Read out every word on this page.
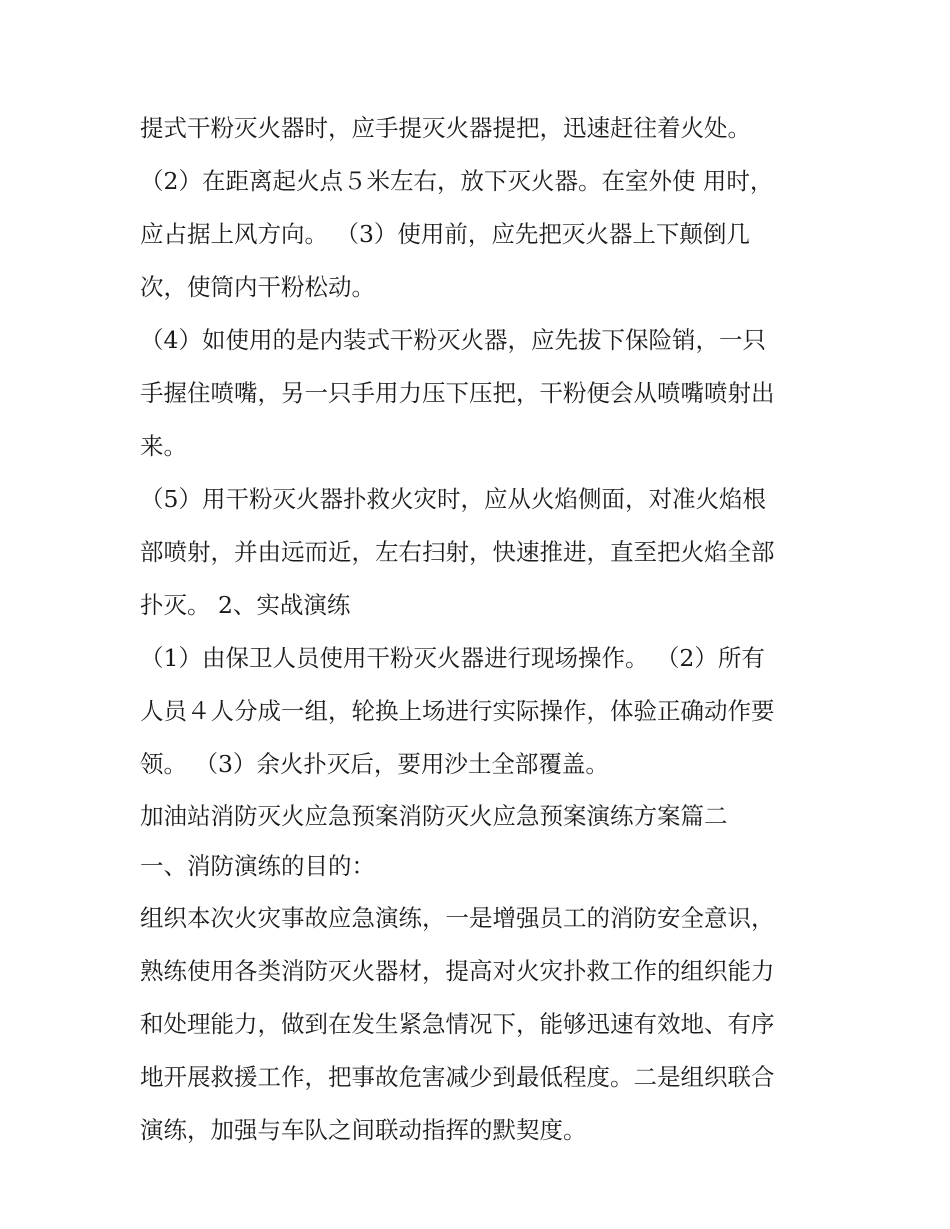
提式干粉灭火器时，应手提灭火器提把，迅速赶往着火处。
（2）在距离起火点５米左右，放下灭火器。在室外使 用时，
应占据上风方向。 （3）使用前，应先把灭火器上下颠倒几
次，使筒内干粉松动。
（4）如使用的是内装式干粉灭火器，应先拔下保险销，一只
手握住喷嘴，另一只手用力压下压把，干粉便会从喷嘴喷射出
来。
（5）用干粉灭火器扑救火灾时，应从火焰侧面，对准火焰根
部喷射，并由远而近，左右扫射，快速推进，直至把火焰全部
扑灭。 2、实战演练
（1）由保卫人员使用干粉灭火器进行现场操作。 （2）所有
人员４人分成一组，轮换上场进行实际操作，体验正确动作要
领。 （3）余火扑灭后，要用沙土全部覆盖。
加油站消防灭火应急预案消防灭火应急预案演练方案篇二
一、消防演练的目的：
组织本次火灾事故应急演练，一是增强员工的消防安全意识，
熟练使用各类消防灭火器材，提高对火灾扑救工作的组织能力
和处理能力，做到在发生紧急情况下，能够迅速有效地、有序
地开展救援工作，把事故危害减少到最低程度。二是组织联合
演练，加强与车队之间联动指挥的默契度。
